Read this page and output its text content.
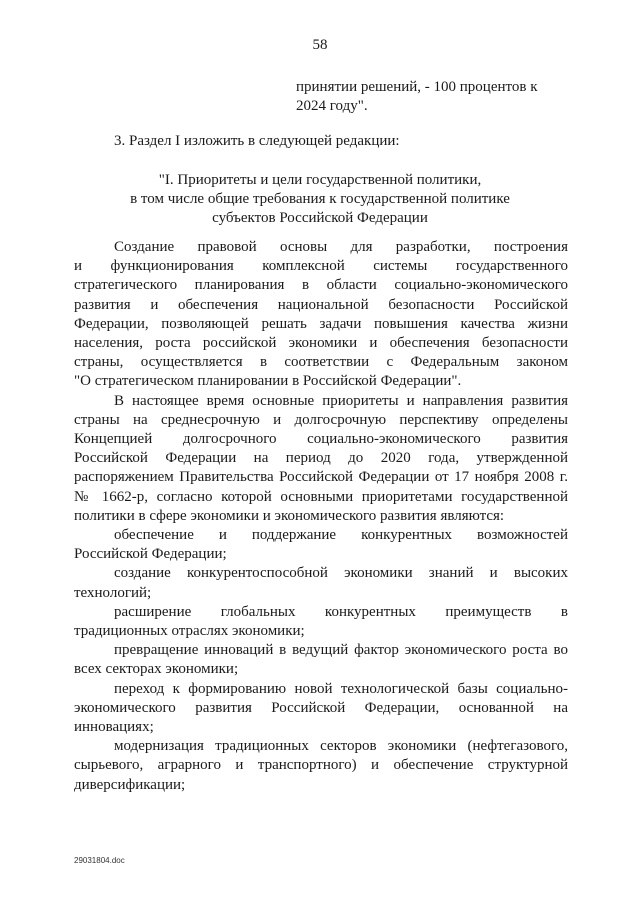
58
принятии решений, - 100 процентов к
2024 году".
3. Раздел I изложить в следующей редакции:
"I. Приоритеты и цели государственной политики,
в том числе общие требования к государственной политике
субъектов Российской Федерации
Создание правовой основы для разработки, построения
и функционирования комплексной системы государственного
стратегического планирования в области социально-экономического
развития и обеспечения национальной безопасности Российской
Федерации, позволяющей решать задачи повышения качества жизни
населения, роста российской экономики и обеспечения безопасности
страны, осуществляется в соответствии с Федеральным законом
"О стратегическом планировании в Российской Федерации".
В настоящее время основные приоритеты и направления развития
страны на среднесрочную и долгосрочную перспективу определены
Концепцией долгосрочного социально-экономического развития
Российской Федерации на период до 2020 года, утвержденной
распоряжением Правительства Российской Федерации от 17 ноября 2008 г.
№ 1662-р, согласно которой основными приоритетами государственной
политики в сфере экономики и экономического развития являются:
обеспечение и поддержание конкурентных возможностей
Российской Федерации;
создание конкурентоспособной экономики знаний и высоких
технологий;
расширение глобальных конкурентных преимуществ в
традиционных отраслях экономики;
превращение инноваций в ведущий фактор экономического роста во
всех секторах экономики;
переход к формированию новой технологической базы социально-
экономического развития Российской Федерации, основанной на
инновациях;
модернизация традиционных секторов экономики (нефтегазового,
сырьевого, аграрного и транспортного) и обеспечение структурной
диверсификации;
29031804.doc
